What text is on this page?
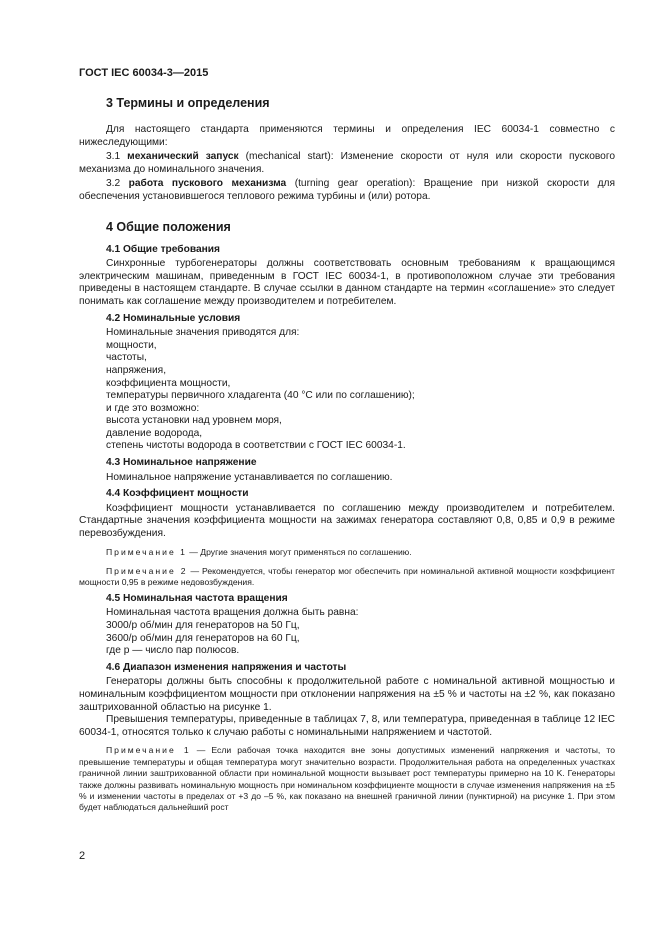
ГОСТ IEC 60034-3—2015

3 Термины и определения

Для настоящего стандарта применяются термины и определения IEC 60034-1 совместно с нижеследующими:

3.1 механический запуск (mechanical start): Изменение скорости от нуля или скорости пускового механизма до номинального значения.

3.2 работа пускового механизма (turning gear operation): Вращение при низкой скорости для обеспечения установившегося теплового режима турбины и (или) ротора.

4 Общие положения

4.1 Общие требования

Синхронные турбогенераторы должны соответствовать основным требованиям к вращающимся электрическим машинам, приведенным в ГОСТ IEC 60034-1, в противоположном случае эти требования приведены в настоящем стандарте. В случае ссылки в данном стандарте на термин «соглашение» это следует понимать как соглашение между производителем и потребителем.

4.2 Номинальные условия

Номинальные значения приводятся для:

мощности,

частоты,

напряжения,

коэффициента мощности,

температуры первичного хладагента (40 °C или по соглашению);

и где это возможно:

высота установки над уровнем моря,

давление водорода,

степень чистоты водорода в соответствии с ГОСТ IEC 60034-1.

4.3 Номинальное напряжение

Номинальное напряжение устанавливается по соглашению.

4.4 Коэффициент мощности

Коэффициент мощности устанавливается по соглашению между производителем и потребителем. Стандартные значения коэффициента мощности на зажимах генератора составляют 0,8, 0,85 и 0,9 в режиме перевозбуждения.

Примечание 1 — Другие значения могут применяться по соглашению.

Примечание 2 — Рекомендуется, чтобы генератор мог обеспечить при номинальной активной мощности коэффициент мощности 0,95 в режиме недовозбуждения.

4.5 Номинальная частота вращения

Номинальная частота вращения должна быть равна:

3000/p об/мин для генераторов на 50 Гц,

3600/p об/мин для генераторов на 60 Гц,

где p — число пар полюсов.

4.6 Диапазон изменения напряжения и частоты

Генераторы должны быть способны к продолжительной работе с номинальной активной мощностью и номинальным коэффициентом мощности при отклонении напряжения на ±5 % и частоты на ±2 %, как показано заштрихованной областью на рисунке 1.

Превышения температуры, приведенные в таблицах 7, 8, или температура, приведенная в таблице 12 IEC 60034-1, относятся только к случаю работы с номинальными напряжением и частотой.

Примечание 1 — Если рабочая точка находится вне зоны допустимых изменений напряжения и частоты, то превышение температуры и общая температура могут значительно возрасти. Продолжительная работа на определенных участках граничной линии заштрихованной области при номинальной мощности вызывает рост температуры примерно на 10 K. Генераторы также должны развивать номинальную мощность при номинальном коэффициенте мощности в случае изменения напряжения на ±5 % и изменении частоты в пределах от +3 до –5 %, как показано на внешней граничной линии (пунктирной) на рисунке 1. При этом будет наблюдаться дальнейший рост

2
